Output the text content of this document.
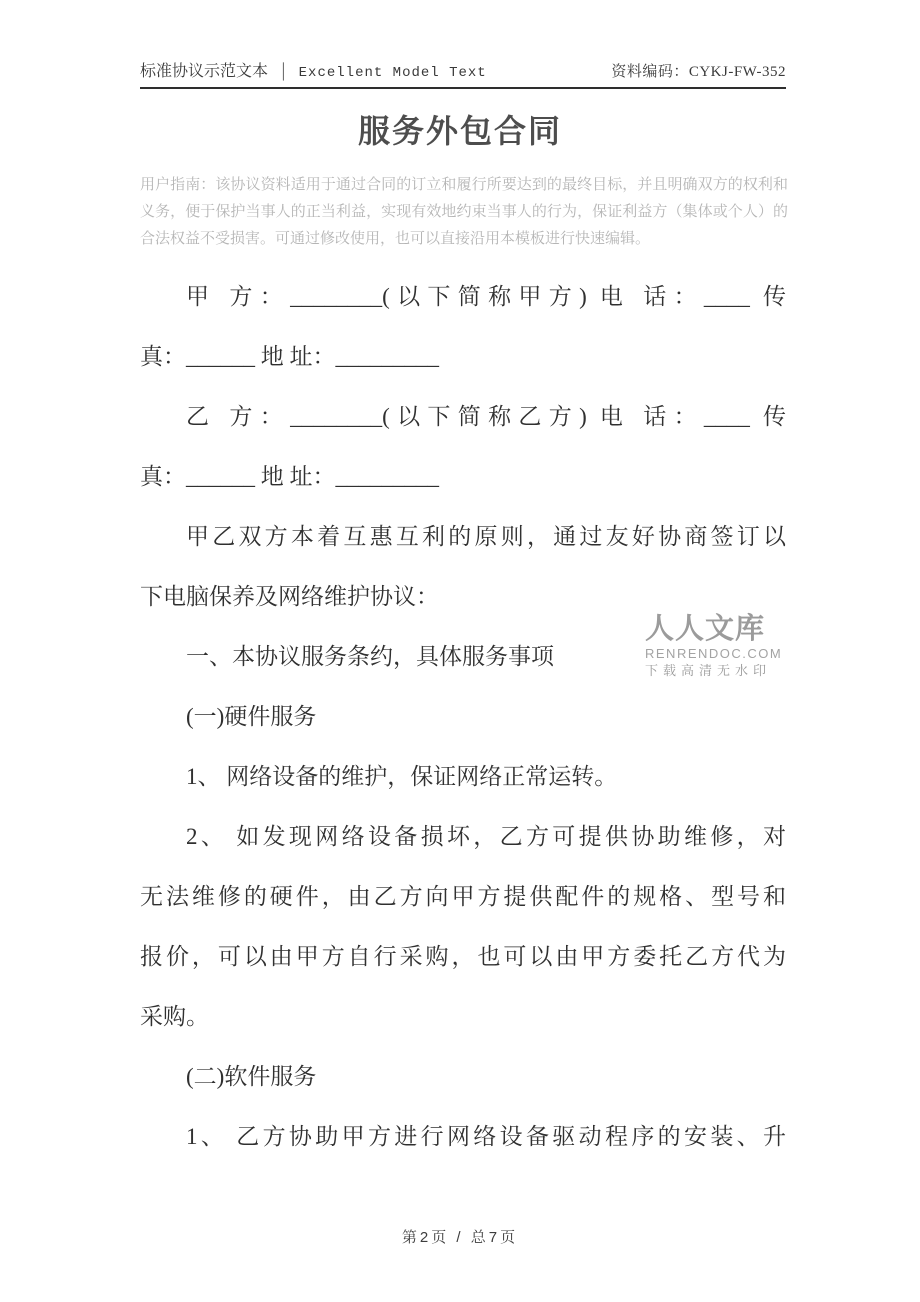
标准协议示范文本 │ Excellent Model Text	资料编码：CYKJ-FW-352
服务外包合同
用户指南：该协议资料适用于通过合同的订立和履行所要达到的最终目标，并且明确双方的权利和义务，便于保护当事人的正当利益，实现有效地约束当事人的行为，保证利益方（集体或个人）的合法权益不受损害。可通过修改使用，也可以直接沿用本模板进行快速编辑。
甲 方：________(以下简称甲方) 电 话：____ 传
真：______ 地 址：_________
乙 方：________(以下简称乙方) 电 话：____ 传
真：______ 地 址：_________
甲乙双方本着互惠互利的原则，通过友好协商签订以
下电脑保养及网络维护协议：
一、本协议服务条约，具体服务事项
(一)硬件服务
1、 网络设备的维护，保证网络正常运转。
2、 如发现网络设备损坏，乙方可提供协助维修，对
无法维修的硬件，由乙方向甲方提供配件的规格、型号和
报价，可以由甲方自行采购，也可以由甲方委托乙方代为
采购。
(二)软件服务
1、 乙方协助甲方进行网络设备驱动程序的安装、升
人人文库
RENRENDOC.COM
下载高清无水印
第2页 / 总7页
